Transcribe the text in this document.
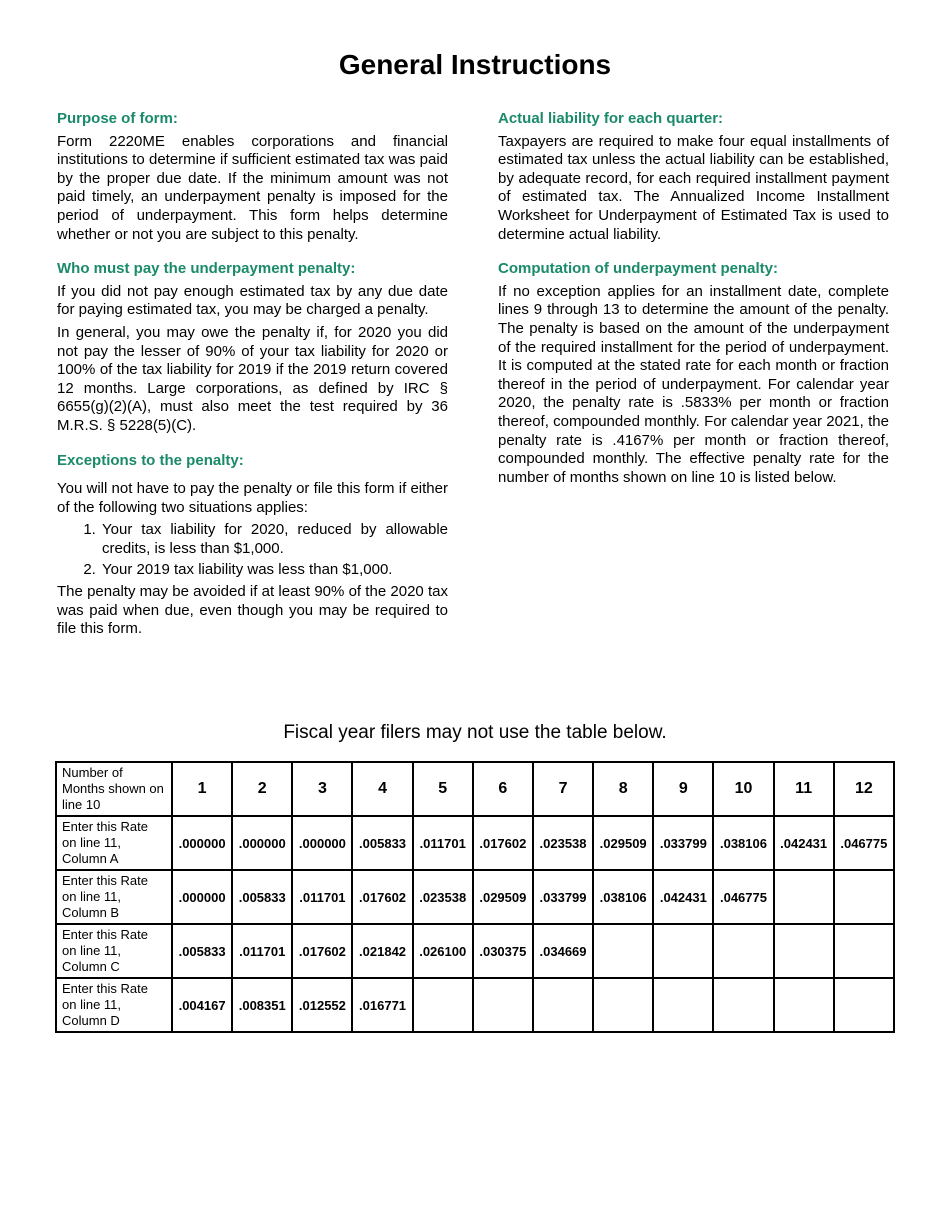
General Instructions
Purpose of form:
Form 2220ME enables corporations and financial institutions to determine if sufficient estimated tax was paid by the proper due date. If the minimum amount was not paid timely, an underpayment penalty is imposed for the period of underpayment. This form helps determine whether or not you are subject to this penalty.
Who must pay the underpayment penalty:
If you did not pay enough estimated tax by any due date for paying estimated tax, you may be charged a penalty.
In general, you may owe the penalty if, for 2020 you did not pay the lesser of 90% of your tax liability for 2020 or 100% of the tax liability for 2019 if the 2019 return covered 12 months. Large corporations, as defined by IRC § 6655(g)(2)(A), must also meet the test required by 36 M.R.S. § 5228(5)(C).
Exceptions to the penalty:
You will not have to pay the penalty or file this form if either of the following two situations applies:
1. Your tax liability for 2020, reduced by allowable credits, is less than $1,000.
2. Your 2019 tax liability was less than $1,000.
The penalty may be avoided if at least 90% of the 2020 tax was paid when due, even though you may be required to file this form.
Actual liability for each quarter:
Taxpayers are required to make four equal installments of estimated tax unless the actual liability can be established, by adequate record, for each required installment payment of estimated tax. The Annualized Income Installment Worksheet for Underpayment of Estimated Tax is used to determine actual liability.
Computation of underpayment penalty:
If no exception applies for an installment date, complete lines 9 through 13 to determine the amount of the penalty. The penalty is based on the amount of the underpayment of the required installment for the period of underpayment. It is computed at the stated rate for each month or fraction thereof in the period of underpayment. For calendar year 2020, the penalty rate is .5833% per month or fraction thereof, compounded monthly. For calendar year 2021, the penalty rate is .4167% per month or fraction thereof, compounded monthly. The effective penalty rate for the number of months shown on line 10 is listed below.
Fiscal year filers may not use the table below.
Number of Months shown on line 10	1	2	3	4	5	6	7	8	9	10	11	12
Enter this Rate on line 11, Column A	.000000	.000000	.000000	.005833	.011701	.017602	.023538	.029509	.033799	.038106	.042431	.046775
Enter this Rate on line 11, Column B	.000000	.005833	.011701	.017602	.023538	.029509	.033799	.038106	.042431	.046775		
Enter this Rate on line 11, Column C	.005833	.011701	.017602	.021842	.026100	.030375	.034669					
Enter this Rate on line 11, Column D	.004167	.008351	.012552	.016771								
